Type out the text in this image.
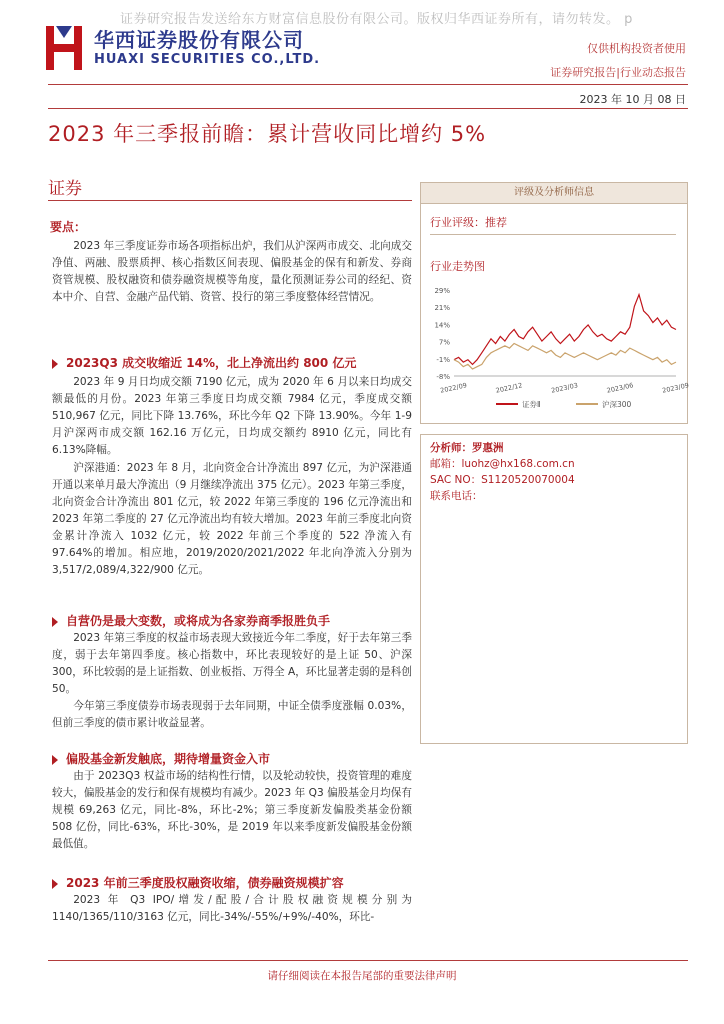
证券研究报告发送给东方财富信息股份有限公司。版权归华西证券所有，请勿转发。 p
华西证券股份有限公司
HUAXI SECURITIES CO.,LTD.
仅供机构投资者使用
证券研究报告|行业动态报告
2023 年 10 月 08 日
2023 年三季报前瞻：累计营收同比增约 5%
证券
要点：
2023 年三季度证券市场各项指标出炉，我们从沪深两市成交、北向成交净值、两融、股票质押、核心指数区间表现、偏股基金的保有和新发、券商资管规模、股权融资和债券融资规模等角度，量化预测证券公司的经纪、资本中介、自营、金融产品代销、资管、投行的第三季度整体经营情况。
2023Q3 成交收缩近 14%，北上净流出约 800 亿元
2023 年 9 月日均成交额 7190 亿元，成为 2020 年 6 月以来日均成交额最低的月份。2023 年第三季度日均成交额 7984 亿元，季度成交额 510,967 亿元，同比下降 13.76%，环比今年 Q2 下降 13.90%。今年 1-9 月沪深两市成交额 162.16 万亿元，日均成交额约 8910 亿元，同比有 6.13%降幅。
沪深港通：2023 年 8 月，北向资金合计净流出 897 亿元，为沪深港通开通以来单月最大净流出（9 月继续净流出 375 亿元）。2023 年第三季度，北向资金合计净流出 801 亿元，较 2022 年第三季度的 196 亿元净流出和 2023 年第二季度的 27 亿元净流出均有较大增加。2023 年前三季度北向资金累计净流入 1032 亿元，较 2022 年前三个季度的 522 净流入有 97.64%的增加。相应地，2019/2020/2021/2022 年北向净流入分别为 3,517/2,089/4,322/900 亿元。
自营仍是最大变数，或将成为各家券商季报胜负手
2023 年第三季度的权益市场表现大致接近今年二季度，好于去年第三季度，弱于去年第四季度。核心指数中，环比表现较好的是上证 50、沪深 300，环比较弱的是上证指数、创业板指、万得全 A，环比显著走弱的是科创 50。
今年第三季度债券市场表现弱于去年同期，中证全债季度涨幅 0.03%，但前三季度的债市累计收益显著。
偏股基金新发触底，期待增量资金入市
由于 2023Q3 权益市场的结构性行情，以及轮动较快，投资管理的难度较大，偏股基金的发行和保有规模均有减少。2023 年 Q3 偏股基金月均保有规模 69,263 亿元，同比-8%，环比-2%；第三季度新发偏股类基金份额 508 亿份，同比-63%，环比-30%，是 2019 年以来季度新发偏股基金份额最低值。
2023 年前三季度股权融资收缩，债券融资规模扩容
2023 年 Q3 IPO/增发/配股/合计股权融资规模分别为 1140/1365/110/3163 亿元，同比-34%/-55%/+9%/-40%，环比-
评级及分析师信息
行业评级：推荐
行业走势图
29%
21%
14%
7%
-1%
-8%
2022/09	2022/12	2023/03	2023/06	2023/09
证券Ⅱ	沪深300
分析师：罗惠洲
邮箱：luohz@hx168.com.cn
SAC NO：S1120520070004
联系电话：
请仔细阅读在本报告尾部的重要法律声明
